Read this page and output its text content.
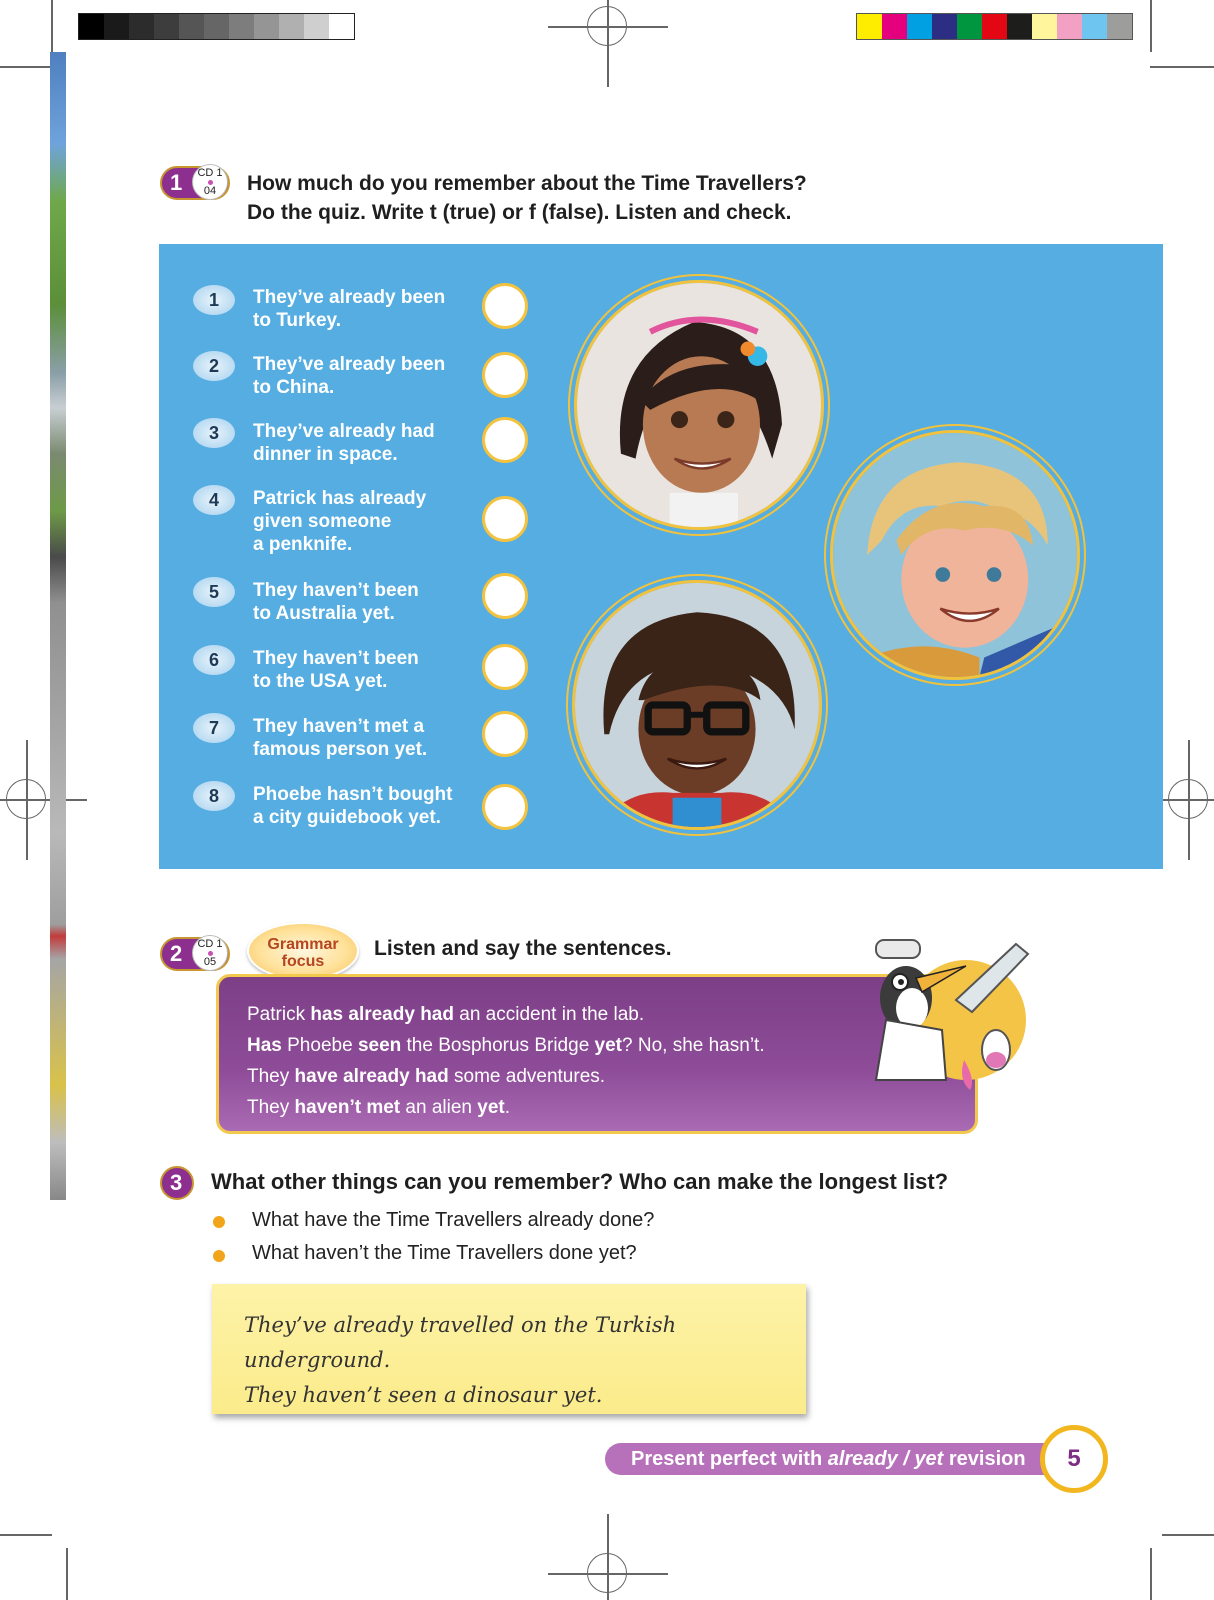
1	CD 1
04	How much do you remember about the Time Travellers?
Do the quiz. Write t (true) or f (false). Listen and check.
1	They’ve already been
to Turkey.
2	They’ve already been
to China.
3	They’ve already had
dinner in space.
4	Patrick has already
given someone
a penknife.
5	They haven’t been
to Australia yet.
6	They haven’t been
to the USA yet.
7	They haven’t met a
famous person yet.
8	Phoebe hasn’t bought
a city guidebook yet.
2	CD 1
05
Grammar
focus
Listen and say the sentences.
Patrick has already had an accident in the lab.
Has Phoebe seen the Bosphorus Bridge yet? No, she hasn’t.
They have already had some adventures.
They haven’t met an alien yet.
3 What other things can you remember? Who can make the longest list?
What have the Time Travellers already done?
What haven’t the Time Travellers done yet?
They’ve already travelled on the Turkish underground.
They haven’t seen a dinosaur yet.
Present perfect with already / yet revision	5
